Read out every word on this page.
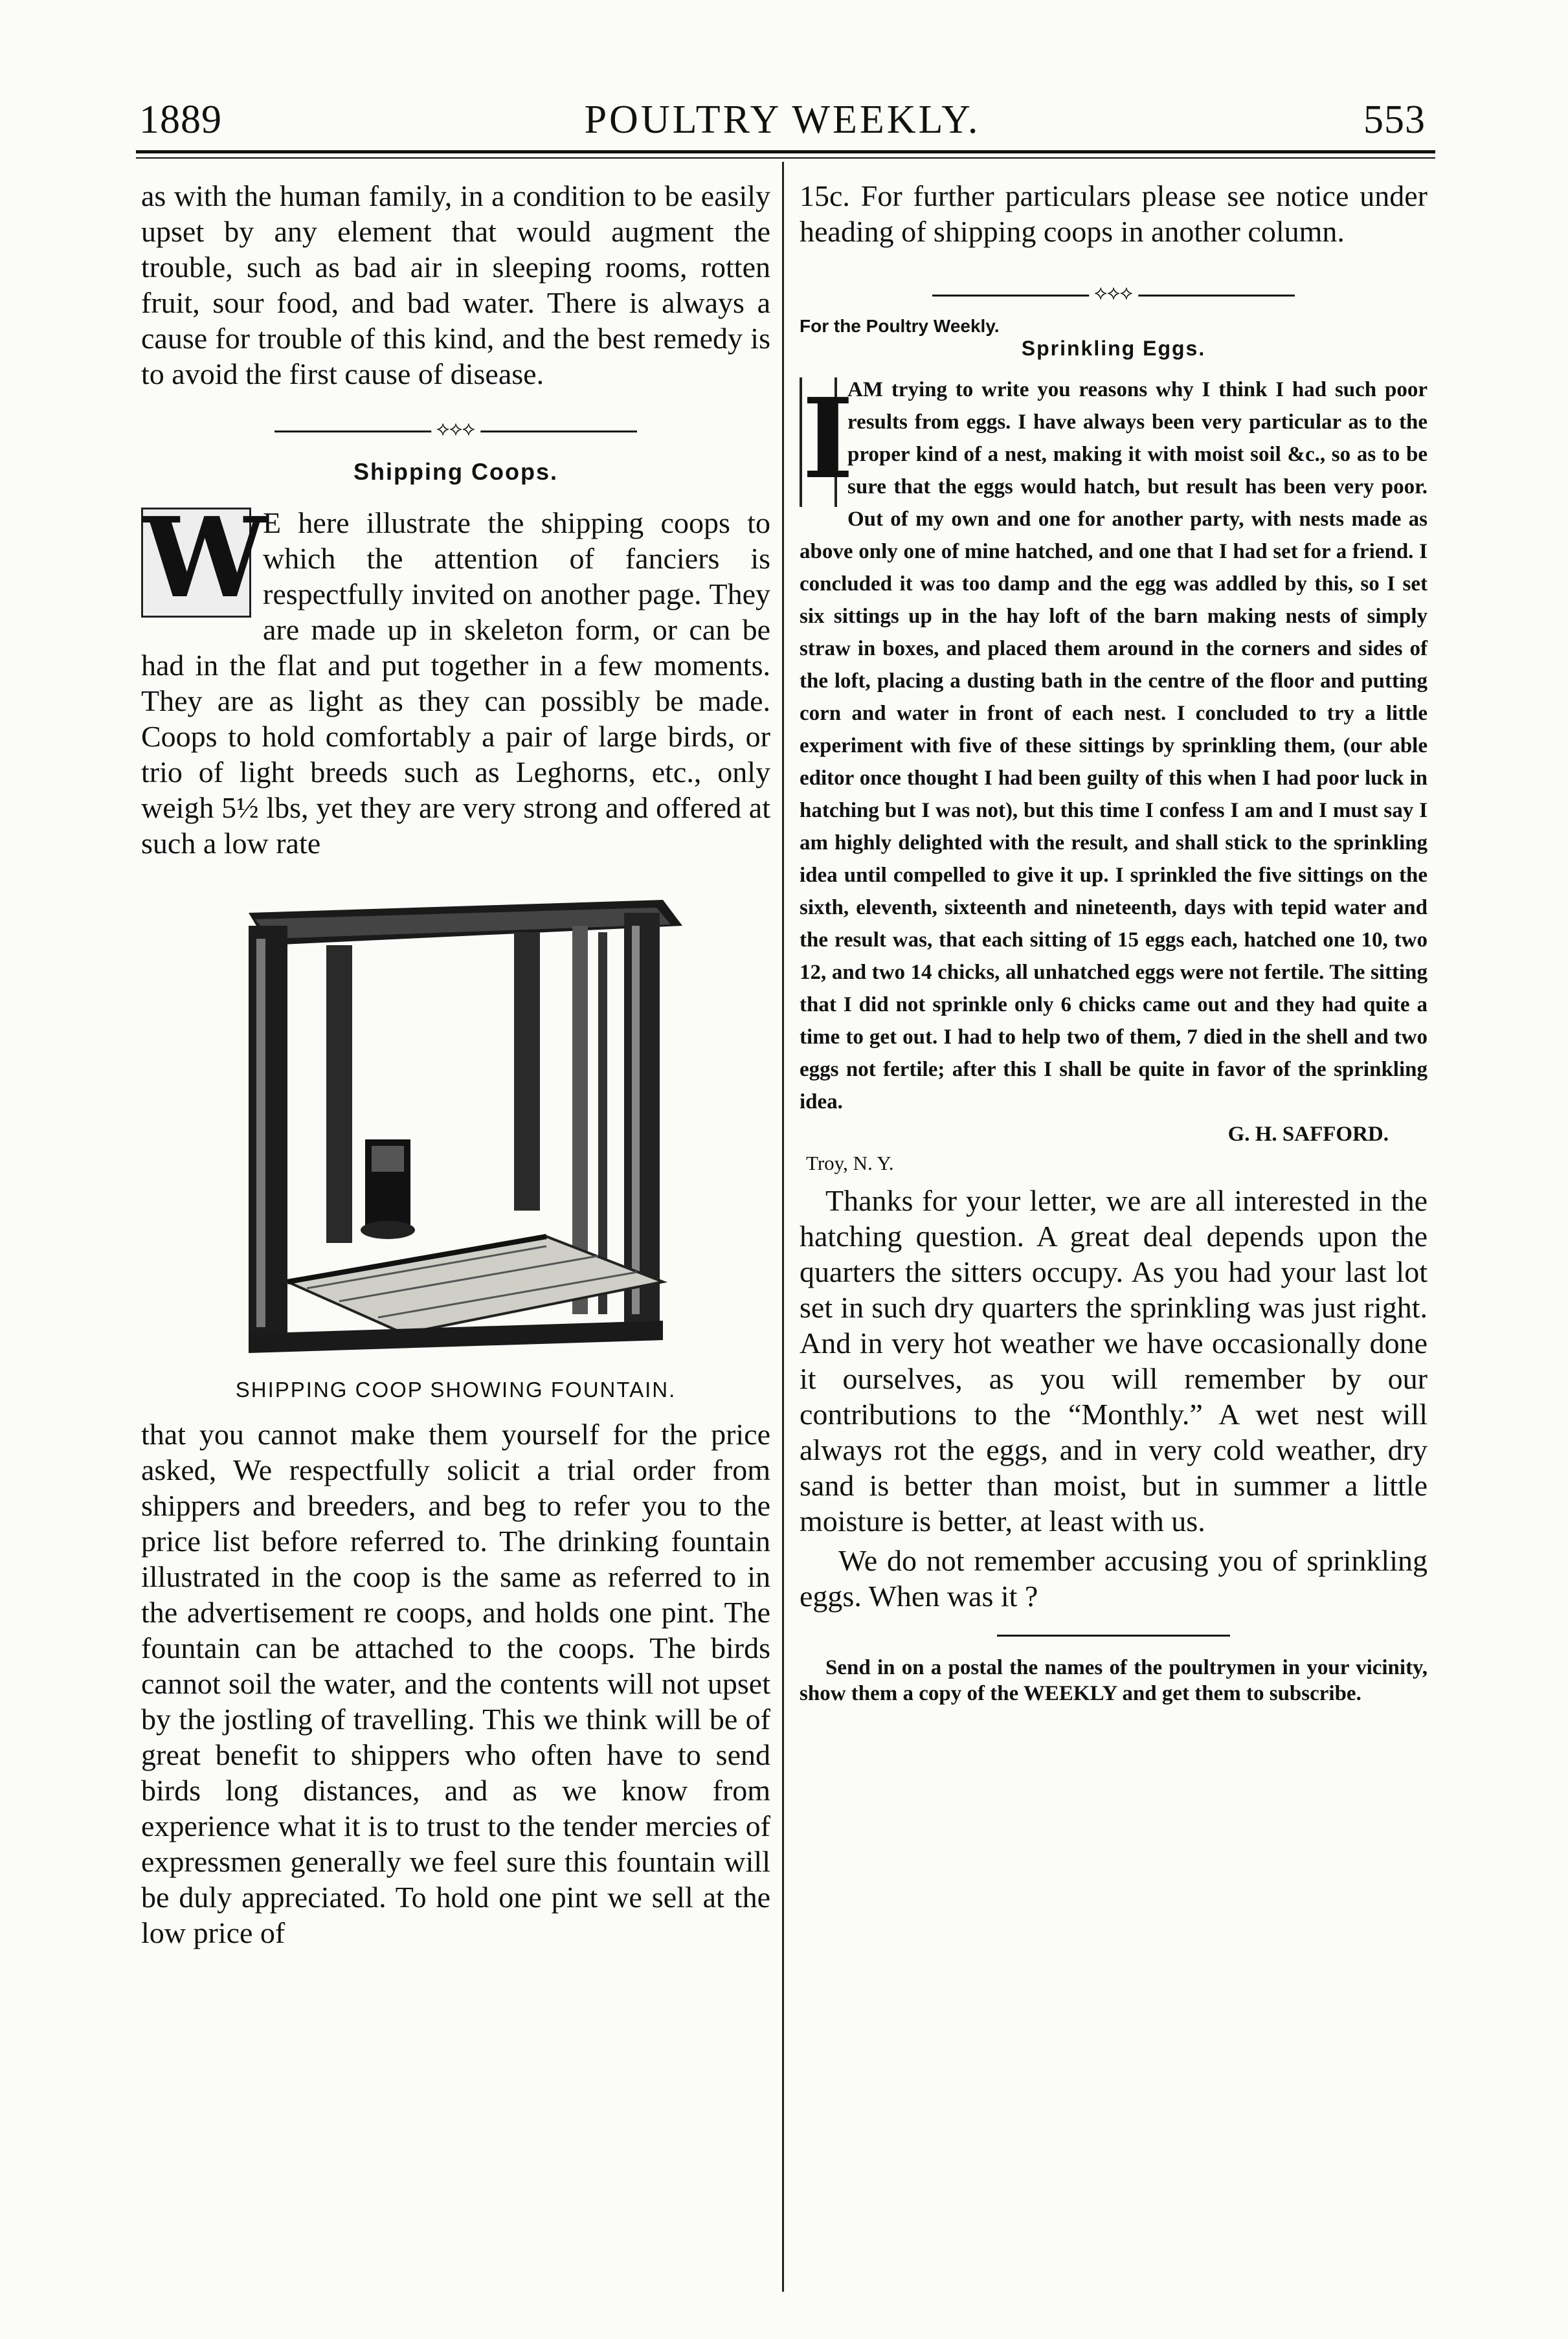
1889	POULTRY WEEKLY.	553

as with the human family, in a condition to be easily upset by any element that would augment the trouble, such as bad air in sleeping rooms, rotten fruit, sour food, and bad water. There is always a cause for trouble of this kind, and the best remedy is to avoid the first cause of disease.

⟡⟡⟡
Shipping Coops.
W

E here illustrate the shipping coops to which the attention of fanciers is respectfully invited on another page. They are made up in skeleton form, or can be had in the flat and put together in a few moments. They are as light as they can possibly be made. Coops to hold comfortably a pair of large birds, or trio of light breeds such as Leghorns, etc., only weigh 5½ lbs, yet they are very strong and offered at such a low rate

SHIPPING COOP SHOWING FOUNTAIN.

that you cannot make them yourself for the price asked, We respectfully solicit a trial order from shippers and breeders, and beg to refer you to the price list before referred to. The drinking fountain illustrated in the coop is the same as referred to in the advertisement re coops, and holds one pint. The fountain can be attached to the coops. The birds cannot soil the water, and the contents will not upset by the jostling of travelling. This we think will be of great benefit to shippers who often have to send birds long distances, and as we know from experience what it is to trust to the tender mercies of expressmen generally we feel sure this fountain will be duly appreciated. To hold one pint we sell at the low price of

15c. For further particulars please see notice under heading of shipping coops in another column.

⟡⟡⟡
For the Poultry Weekly.
Sprinkling Eggs.
I

AM trying to write you reasons why I think I had such poor results from eggs. I have always been very particular as to the proper kind of a nest, making it with moist soil &c., so as to be sure that the eggs would hatch, but result has been very poor. Out of my own and one for another party, with nests made as above only one of mine hatched, and one that I had set for a friend. I concluded it was too damp and the egg was addled by this, so I set six sittings up in the hay loft of the barn making nests of simply straw in boxes, and placed them around in the corners and sides of the loft, placing a dusting bath in the centre of the floor and putting corn and water in front of each nest. I concluded to try a little experiment with five of these sittings by sprinkling them, (our able editor once thought I had been guilty of this when I had poor luck in hatching but I was not), but this time I confess I am and I must say I am highly delighted with the result, and shall stick to the sprinkling idea until compelled to give it up. I sprinkled the five sittings on the sixth, eleventh, sixteenth and nineteenth, days with tepid water and the result was, that each sitting of 15 eggs each, hatched one 10, two 12, and two 14 chicks, all unhatched eggs were not fertile. The sitting that I did not sprinkle only 6 chicks came out and they had quite a time to get out. I had to help two of them, 7 died in the shell and two eggs not fertile; after this I shall be quite in favor of the sprinkling idea.

G. H. SAFFORD.
Troy, N. Y.

Thanks for your letter, we are all interested in the hatching question. A great deal depends upon the quarters the sitters occupy. As you had your last lot set in such dry quarters the sprinkling was just right. And in very hot weather we have occasionally done it ourselves, as you will remember by our contributions to the “Monthly.” A wet nest will always rot the eggs, and in very cold weather, dry sand is better than moist, but in summer a little moisture is better, at least with us.

We do not remember accusing you of sprinkling eggs. When was it ?

Send in on a postal the names of the poultrymen in your vicinity, show them a copy of the WEEKLY and get them to subscribe.
